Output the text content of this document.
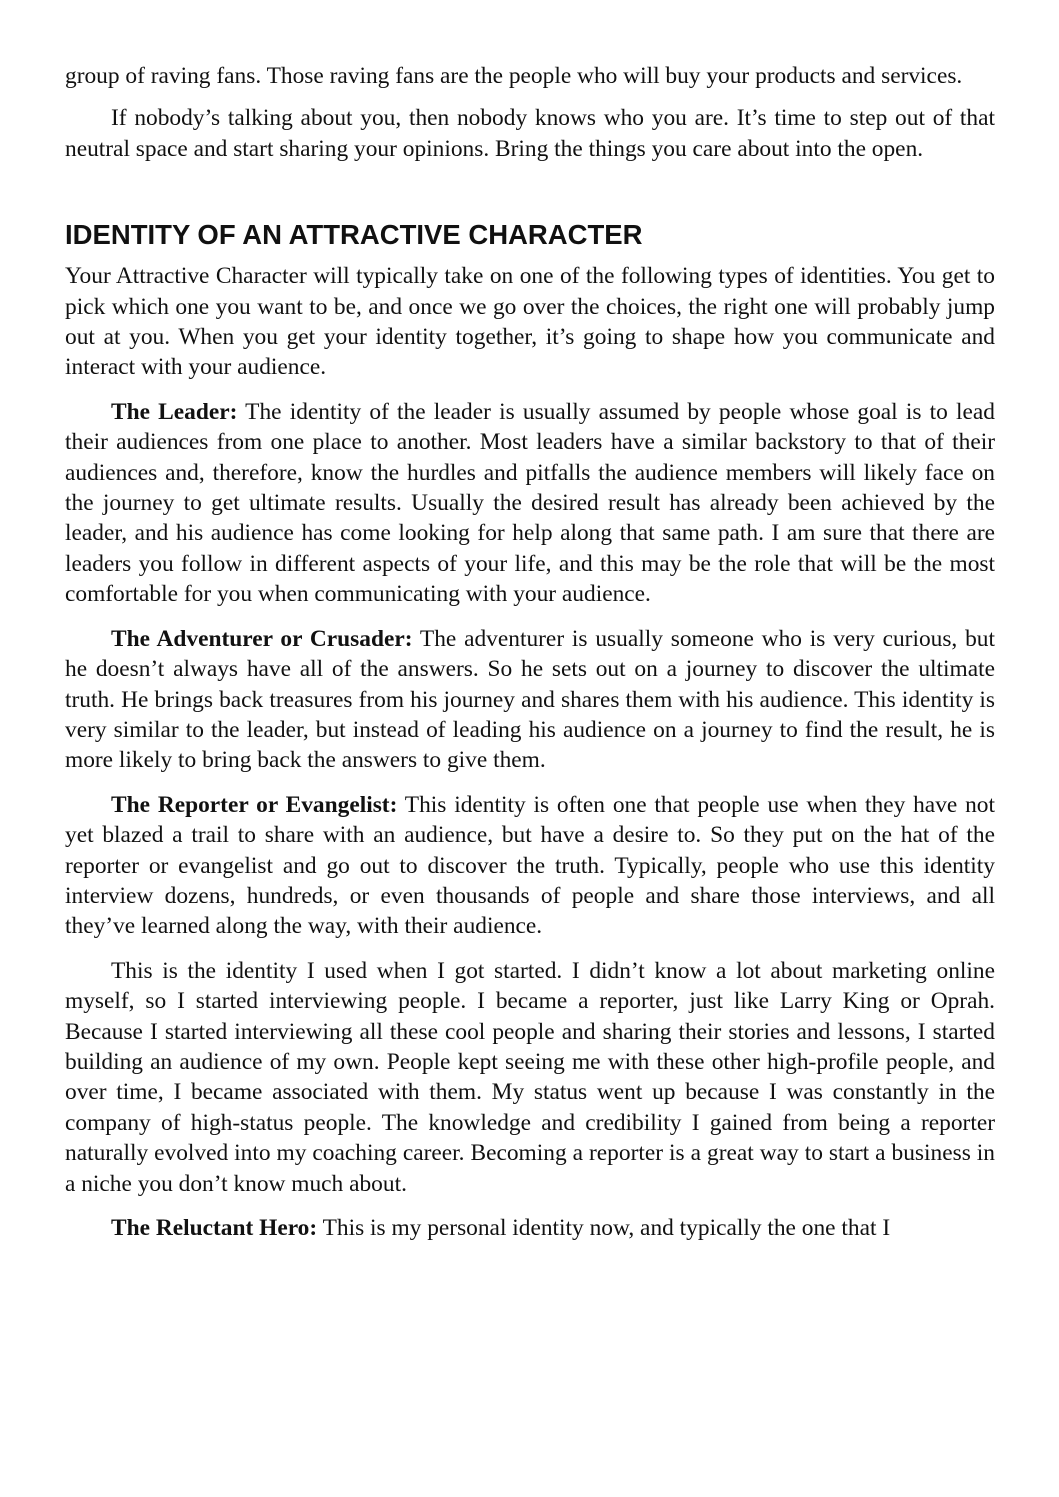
group of raving fans. Those raving fans are the people who will buy your products and services.

If nobody’s talking about you, then nobody knows who you are. It’s time to step out of that neutral space and start sharing your opinions. Bring the things you care about into the open.

IDENTITY OF AN ATTRACTIVE CHARACTER

Your Attractive Character will typically take on one of the following types of identities. You get to pick which one you want to be, and once we go over the choices, the right one will probably jump out at you. When you get your identity together, it’s going to shape how you communicate and interact with your audience.

The Leader: The identity of the leader is usually assumed by people whose goal is to lead their audiences from one place to another. Most leaders have a similar backstory to that of their audiences and, therefore, know the hurdles and pitfalls the audience members will likely face on the journey to get ultimate results. Usually the desired result has already been achieved by the leader, and his audience has come looking for help along that same path. I am sure that there are leaders you follow in different aspects of your life, and this may be the role that will be the most comfortable for you when communicating with your audience.

The Adventurer or Crusader: The adventurer is usually someone who is very curious, but he doesn’t always have all of the answers. So he sets out on a journey to discover the ultimate truth. He brings back treasures from his journey and shares them with his audience. This identity is very similar to the leader, but instead of leading his audience on a journey to find the result, he is more likely to bring back the answers to give them.

The Reporter or Evangelist: This identity is often one that people use when they have not yet blazed a trail to share with an audience, but have a desire to. So they put on the hat of the reporter or evangelist and go out to discover the truth. Typically, people who use this identity interview dozens, hundreds, or even thousands of people and share those interviews, and all they’ve learned along the way, with their audience.

This is the identity I used when I got started. I didn’t know a lot about marketing online myself, so I started interviewing people. I became a reporter, just like Larry King or Oprah. Because I started interviewing all these cool people and sharing their stories and lessons, I started building an audience of my own. People kept seeing me with these other high-profile people, and over time, I became associated with them. My status went up because I was constantly in the company of high-status people. The knowledge and credibility I gained from being a reporter naturally evolved into my coaching career. Becoming a reporter is a great way to start a business in a niche you don’t know much about.

The Reluctant Hero: This is my personal identity now, and typically the one that I
